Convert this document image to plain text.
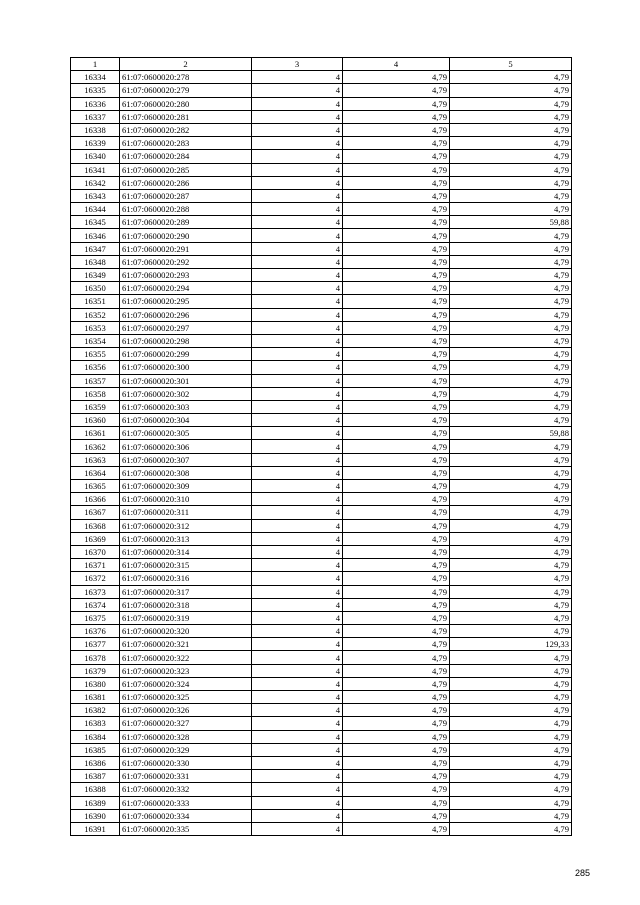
1	2	3	4	5
16334	61:07:0600020:278	4	4,79	4,79
16335	61:07:0600020:279	4	4,79	4,79
16336	61:07:0600020:280	4	4,79	4,79
16337	61:07:0600020:281	4	4,79	4,79
16338	61:07:0600020:282	4	4,79	4,79
16339	61:07:0600020:283	4	4,79	4,79
16340	61:07:0600020:284	4	4,79	4,79
16341	61:07:0600020:285	4	4,79	4,79
16342	61:07:0600020:286	4	4,79	4,79
16343	61:07:0600020:287	4	4,79	4,79
16344	61:07:0600020:288	4	4,79	4,79
16345	61:07:0600020:289	4	4,79	59,88
16346	61:07:0600020:290	4	4,79	4,79
16347	61:07:0600020:291	4	4,79	4,79
16348	61:07:0600020:292	4	4,79	4,79
16349	61:07:0600020:293	4	4,79	4,79
16350	61:07:0600020:294	4	4,79	4,79
16351	61:07:0600020:295	4	4,79	4,79
16352	61:07:0600020:296	4	4,79	4,79
16353	61:07:0600020:297	4	4,79	4,79
16354	61:07:0600020:298	4	4,79	4,79
16355	61:07:0600020:299	4	4,79	4,79
16356	61:07:0600020:300	4	4,79	4,79
16357	61:07:0600020:301	4	4,79	4,79
16358	61:07:0600020:302	4	4,79	4,79
16359	61:07:0600020:303	4	4,79	4,79
16360	61:07:0600020:304	4	4,79	4,79
16361	61:07:0600020:305	4	4,79	59,88
16362	61:07:0600020:306	4	4,79	4,79
16363	61:07:0600020:307	4	4,79	4,79
16364	61:07:0600020:308	4	4,79	4,79
16365	61:07:0600020:309	4	4,79	4,79
16366	61:07:0600020:310	4	4,79	4,79
16367	61:07:0600020:311	4	4,79	4,79
16368	61:07:0600020:312	4	4,79	4,79
16369	61:07:0600020:313	4	4,79	4,79
16370	61:07:0600020:314	4	4,79	4,79
16371	61:07:0600020:315	4	4,79	4,79
16372	61:07:0600020:316	4	4,79	4,79
16373	61:07:0600020:317	4	4,79	4,79
16374	61:07:0600020:318	4	4,79	4,79
16375	61:07:0600020:319	4	4,79	4,79
16376	61:07:0600020:320	4	4,79	4,79
16377	61:07:0600020:321	4	4,79	129,33
16378	61:07:0600020:322	4	4,79	4,79
16379	61:07:0600020:323	4	4,79	4,79
16380	61:07:0600020:324	4	4,79	4,79
16381	61:07:0600020:325	4	4,79	4,79
16382	61:07:0600020:326	4	4,79	4,79
16383	61:07:0600020:327	4	4,79	4,79
16384	61:07:0600020:328	4	4,79	4,79
16385	61:07:0600020:329	4	4,79	4,79
16386	61:07:0600020:330	4	4,79	4,79
16387	61:07:0600020:331	4	4,79	4,79
16388	61:07:0600020:332	4	4,79	4,79
16389	61:07:0600020:333	4	4,79	4,79
16390	61:07:0600020:334	4	4,79	4,79
16391	61:07:0600020:335	4	4,79	4,79
285
